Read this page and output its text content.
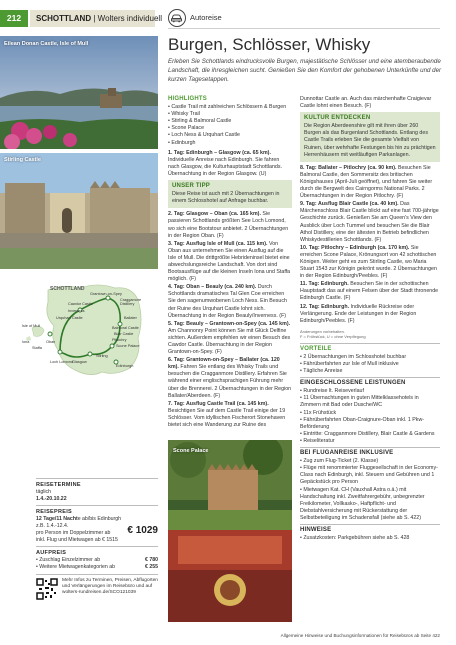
212	SCHOTTLAND | Wolters individuell	Autoreise
Burgen, Schlösser, Whisky
Erleben Sie Schottlands eindrucksvolle Burgen, majestätische Schlösser und eine atemberaubende Landschaft, die ihresgleichen sucht. Genießen Sie den Komfort der gehobenen Unterkünfte und der kurzen Tagesetappen.
Eilean Donan Castle, Isle of Mull
Stirling Castle
SCHOTTLAND
Grantown-on-Spey
Cawdor Castle
Inverness
Craggamore Distillery
Urquhart Castle	Ballater
Balmoral Castle
Blair Castle
Pitlochry
Scone Palace
Isle of Mull
Glasgow
Edinburgh
Iona
Staffa
Oban
Stirling
Loch Lomond
REISETERMINE
täglich
1.4.-20.10.22
REISEPREIS
12 Tage/11 Nachte ab/bis Edinburgh
z.B. 1.4.-12.4.
pro Person im Doppelzimmer ab € 1029
inkl. Flug und Mietwagen ab € 1515
AUFPREIS
• Zuschlag Einzelzimmer ab	€ 780
• Weitere Mietwagenkategorien ab	€ 255
Mehr Infos zu Terminen, Preisen, Abflugorten und Verlängerungen im Reisebüro und auf wolters-rundreisen.de/SCO121039
HIGHLIGHTS
• Castle Trail mit zahlreichen Schlössern & Burgen
• Whisky Trail
• Stirling & Balmoral Castle
• Scone Palace
• Loch Ness & Urquhart Castle
• Edinburgh

1. Tag: Edinburgh – Glasgow (ca. 65 km). Individuelle Anreise nach Edinburgh. Sie fahren nach Glasgow, die Kulturhauptstadt Schottlands. Übernachtung in der Region Glasgow. (U)

UNSER TIPP
Diese Reise ist auch mit 2 Übernachtungen in einem Schlosshotel auf Anfrage buchbar.

2. Tag: Glasgow – Oban (ca. 165 km). Sie passieren Schottlands größten See Loch Lomond, wo sich eine Bootstour anbietet. 2 Übernachtungen in der Region Oban. (F)

3. Tag: Ausflug Isle of Mull (ca. 115 km). Von Oban aus unternehmen Sie einen Ausflug auf die Isle of Mull. Die drittgrößte Hebrideninsel bietet eine abwechslungsreiche Landschaft. Von dort sind Bootsausflüge auf die kleinen Inseln Iona und Staffa möglich. (F)

4. Tag: Oban – Beauly (ca. 240 km). Durch Schottlands dramatisches Tal Glen Coe erreichen Sie den sagenumwobenen Loch Ness. Ein Besuch der Ruine des Urquhart Castle lohnt sich. Übernachtung in der Region Beauly/Inverness. (F)

5. Tag: Beauly – Grantown-on-Spey (ca. 145 km). Am Channonry Point können Sie mit Glück Delfine sichten. Außerdem empfehlen wir einen Besuch des Cawdor Castle. Übernachtung in der Region Grantown-on-Spey. (F)

6. Tag: Grantown-on-Spey – Ballater (ca. 120 km). Fahren Sie entlang des Whisky Trails und besuchen die Cragganmore Distillery. Erfahren Sie während einer englischsprachigen Führung mehr über die Brennerei. 2 Übernachtungen in der Region Ballater/Aberdeen. (F)

7. Tag: Ausflug Castle Trail (ca. 145 km). Besichtigen Sie auf dem Castle Trail einige der 19 Schlösser. Vom idyllischen Fischerort Stonehaven bietet sich eine Wanderung zur Ruine des

Scone Palace

Dunnottar Castle an. Auch das märchenhafte Craigievar Castle lohnt einen Besuch. (F)

KULTUR ENTDECKEN
Die Region Aberdeenshire gilt mit ihren über 260 Burgen als das Burgenland Schottlands. Entlang des Castle Trails erleben Sie die gesamte Vielfalt von Ruinen, über wehrhafte Festungen bis hin zu prächtigen Herrenhäusern mit weitläufigen Parkanlagen.

8. Tag: Ballater – Pitlochry (ca. 90 km). Besuchen Sie Balmoral Castle, den Sommersitz des britischen Königshauses (April-Juli geöffnet), und fahren Sie weiter durch die Bergwelt des Cairngorms National Parks. 2 Übernachtungen in der Region Pitlochry. (F)

9. Tag: Ausflug Blair Castle (ca. 40 km). Das Märchenschloss Blair Castle blickt auf eine fast 700-jährige Geschichte zurück. Genießen Sie am Queen's View den Ausblick über Loch Tummel und besuchen Sie die Blair Athol Distillery, eine der ältesten in Betrieb befindlichen Whiskydestillerien Schottlands. (F)

10. Tag: Pitlochry – Edinburgh (ca. 170 km). Sie erreichen Scone Palace, Krönungsort von 42 schottischen Königen. Weiter geht es zum Stirling Castle, wo Maria Stuart 1543 zur Königin gekrönt wurde. 2 Übernachtungen in der Region Edinburgh/Peebles. (F)

11. Tag: Edinburgh. Besuchen Sie in der schottischen Hauptstadt das auf einem Felsen über der Stadt thronende Edinburgh Castle. (F)

12. Tag: Edinburgh. Individuelle Rückreise oder Verlängerung. Ende der Leistungen in der Region Edinburgh/Peebles. (F)

Änderungen vorbehalten.
F = Frühstück, U = ohne Verpflegung
VORTEILE
• 2 Übernachtungen im Schlosshotel buchbar
• Fährüberfahrten zur Isle of Mull inklusive
• Tägliche Anreise
EINGESCHLOSSENE LEISTUNGEN
• Rundreise lt. Reiseverlauf
• 11 Übernachtungen in guten Mittelklassehotels in Zimmern mit Bad oder Dusche/WC
• 11x Frühstück
• Fährüberfahrten Oban-Craignure-Oban inkl. 1 Pkw-Beförderung
• Eintritte: Cragganmore Distillery, Blair Castle & Gardens
• Reiseliteratur
BEI FLUGANREISE INKLUSIVE
• Zug zum Flug-Ticket (2. Klasse)
• Flüge mit renommierter Fluggesellschaft in der Economy-Class nach Edinburgh, inkl. Steuern und Gebühren und 1 Gepäckstück pro Person
• Mietwagen Kat. CH (Vauxhall Astra o.ä.) mit Handschaltung inkl. Zweitfahrergebühr, unbegrenzter Freikilometer, Vollkasko-, Haftpflicht- und Diebstahlversicherung mit Rückerstattung der Selbstbeteiligung im Schadensfall (siehe ab S. 422)
HINWEISE
• Zusatzkosten: Parkgebühren siehe ab S. 428
Allgemeine Hinweise und Buchungsinformationen für Reisebüros ab Seite 422
